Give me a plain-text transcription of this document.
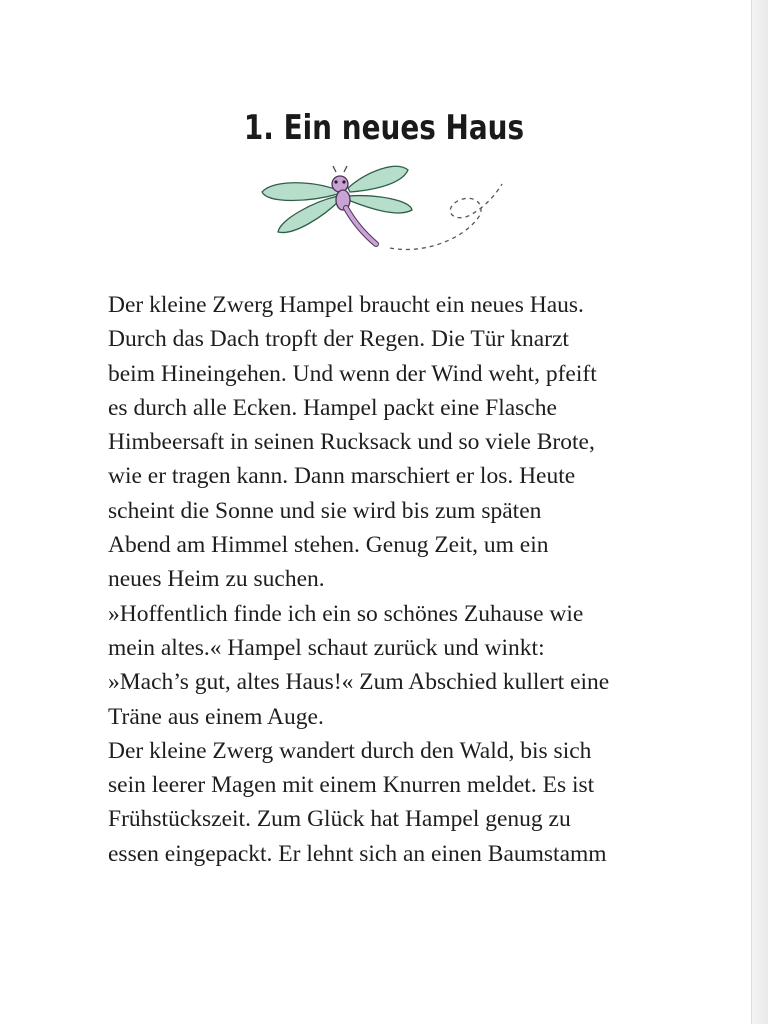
1. Ein neues Haus
Der kleine Zwerg Hampel braucht ein neues Haus.
Durch das Dach tropft der Regen. Die Tür knarzt
beim Hineingehen. Und wenn der Wind weht, pfeift
es durch alle Ecken. Hampel packt eine Flasche
Himbeersaft in seinen Rucksack und so viele Brote,
wie er tragen kann. Dann marschiert er los. Heute
scheint die Sonne und sie wird bis zum späten
Abend am Himmel stehen. Genug Zeit, um ein
neues Heim zu suchen.
»Hoffentlich finde ich ein so schönes Zuhause wie
mein altes.« Hampel schaut zurück und winkt:
»Mach’s gut, altes Haus!« Zum Abschied kullert eine
Träne aus einem Auge.
Der kleine Zwerg wandert durch den Wald, bis sich
sein leerer Magen mit einem Knurren meldet. Es ist
Frühstückszeit. Zum Glück hat Hampel genug zu
essen eingepackt. Er lehnt sich an einen Baumstamm
